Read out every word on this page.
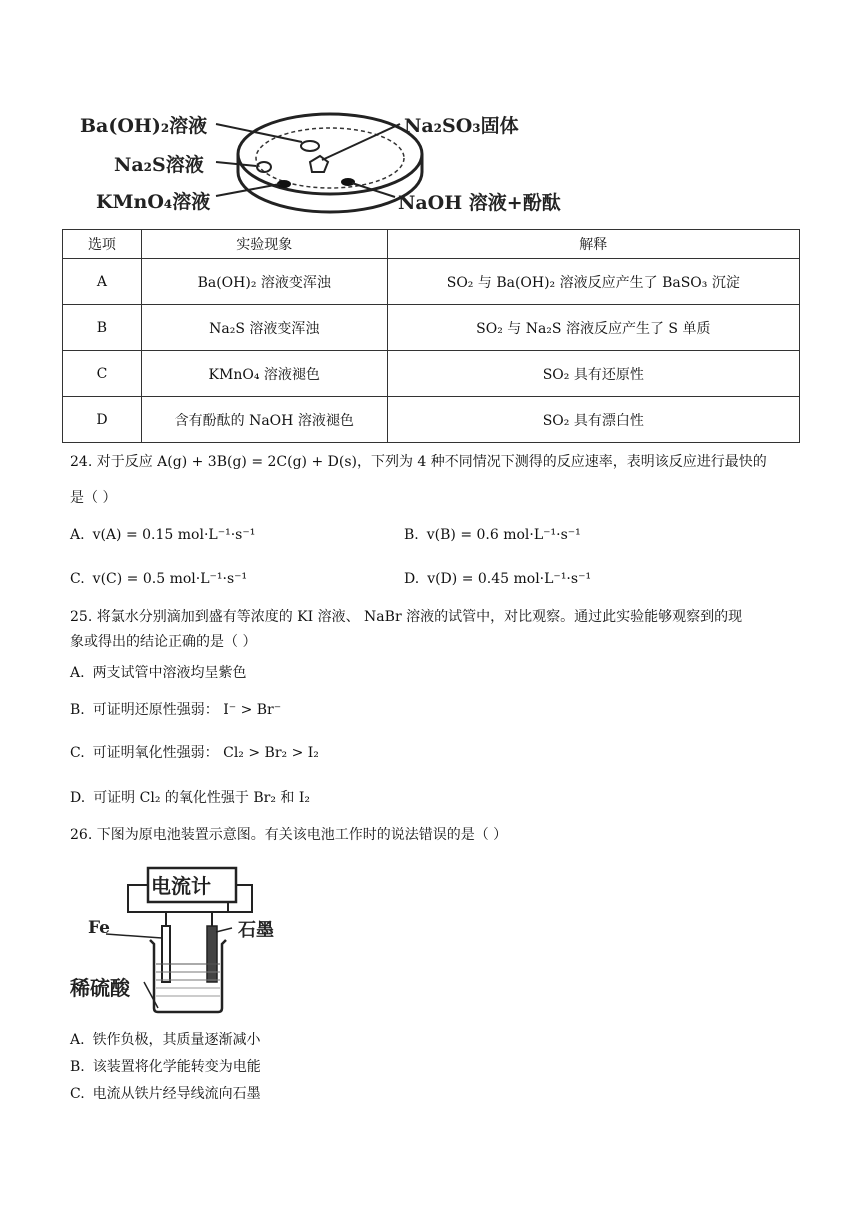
Ba(OH)₂溶液
Na₂S溶液
KMnO₄溶液
Na₂SO₃固体
NaOH 溶液+酚酞
选项	实验现象	解释
A	Ba(OH)₂ 溶液变浑浊	SO₂ 与 Ba(OH)₂ 溶液反应产生了 BaSO₃ 沉淀
B	Na₂S 溶液变浑浊	SO₂ 与 Na₂S 溶液反应产生了 S 单质
C	KMnO₄ 溶液褪色	SO₂ 具有还原性
D	含有酚酞的 NaOH 溶液褪色	SO₂ 具有漂白性
24. 对于反应 A(g) + 3B(g) = 2C(g) + D(s)，下列为 4 种不同情况下测得的反应速率，表明该反应进行最快的
是（ ）
A. v(A) = 0.15 mol·L⁻¹·s⁻¹	B. v(B) = 0.6 mol·L⁻¹·s⁻¹
C. v(C) = 0.5 mol·L⁻¹·s⁻¹	D. v(D) = 0.45 mol·L⁻¹·s⁻¹
25. 将氯水分别滴加到盛有等浓度的 KI 溶液、 NaBr 溶液的试管中，对比观察。通过此实验能够观察到的现
象或得出的结论正确的是（ ）
A. 两支试管中溶液均呈紫色
B. 可证明还原性强弱： I⁻ > Br⁻
C. 可证明氧化性强弱： Cl₂ > Br₂ > I₂
D. 可证明 Cl₂ 的氧化性强于 Br₂ 和 I₂
26. 下图为原电池装置示意图。有关该电池工作时的说法错误的是（ ）
电流计
Fe	石墨
稀硫酸
A. 铁作负极，其质量逐渐减小
B. 该装置将化学能转变为电能
C. 电流从铁片经导线流向石墨
